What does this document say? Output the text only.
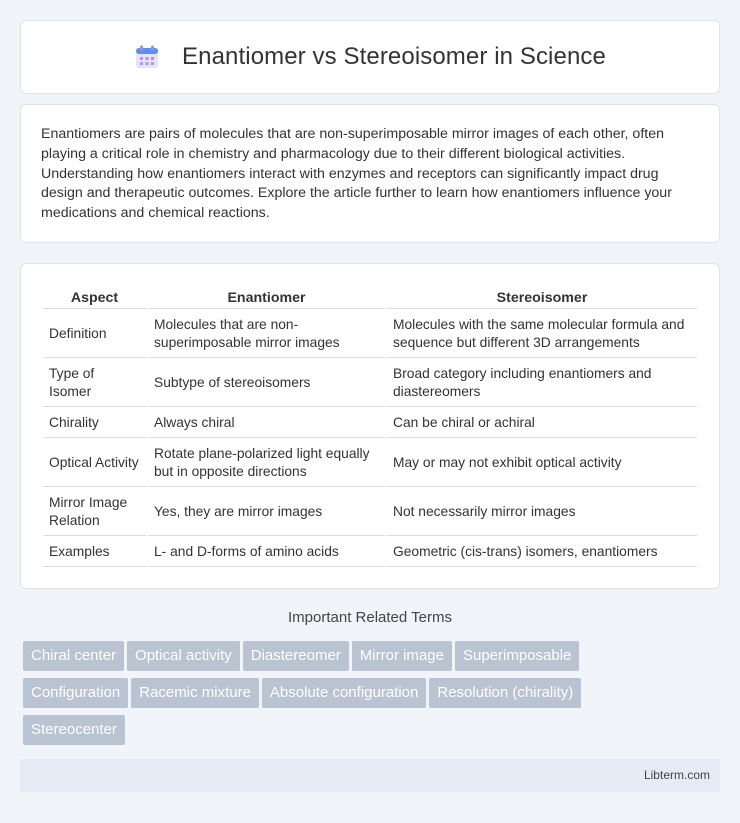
Enantiomer vs Stereoisomer in Science

Enantiomers are pairs of molecules that are non-superimposable mirror images of each other, often playing a critical role in chemistry and pharmacology due to their different biological activities. Understanding how enantiomers interact with enzymes and receptors can significantly impact drug design and therapeutic outcomes. Explore the article further to learn how enantiomers influence your medications and chemical reactions.

Aspect	Enantiomer	Stereoisomer
Definition	Molecules that are non-superimposable mirror images	Molecules with the same molecular formula and sequence but different 3D arrangements
Type of Isomer	Subtype of stereoisomers	Broad category including enantiomers and diastereomers
Chirality	Always chiral	Can be chiral or achiral
Optical Activity	Rotate plane-polarized light equally but in opposite directions	May or may not exhibit optical activity
Mirror Image Relation	Yes, they are mirror images	Not necessarily mirror images
Examples	L- and D-forms of amino acids	Geometric (cis-trans) isomers, enantiomers
Important Related Terms
Chiral center Optical activity Diastereomer Mirror image Superimposable
Configuration Racemic mixture Absolute configuration Resolution (chirality)
Stereocenter
Libterm.com
